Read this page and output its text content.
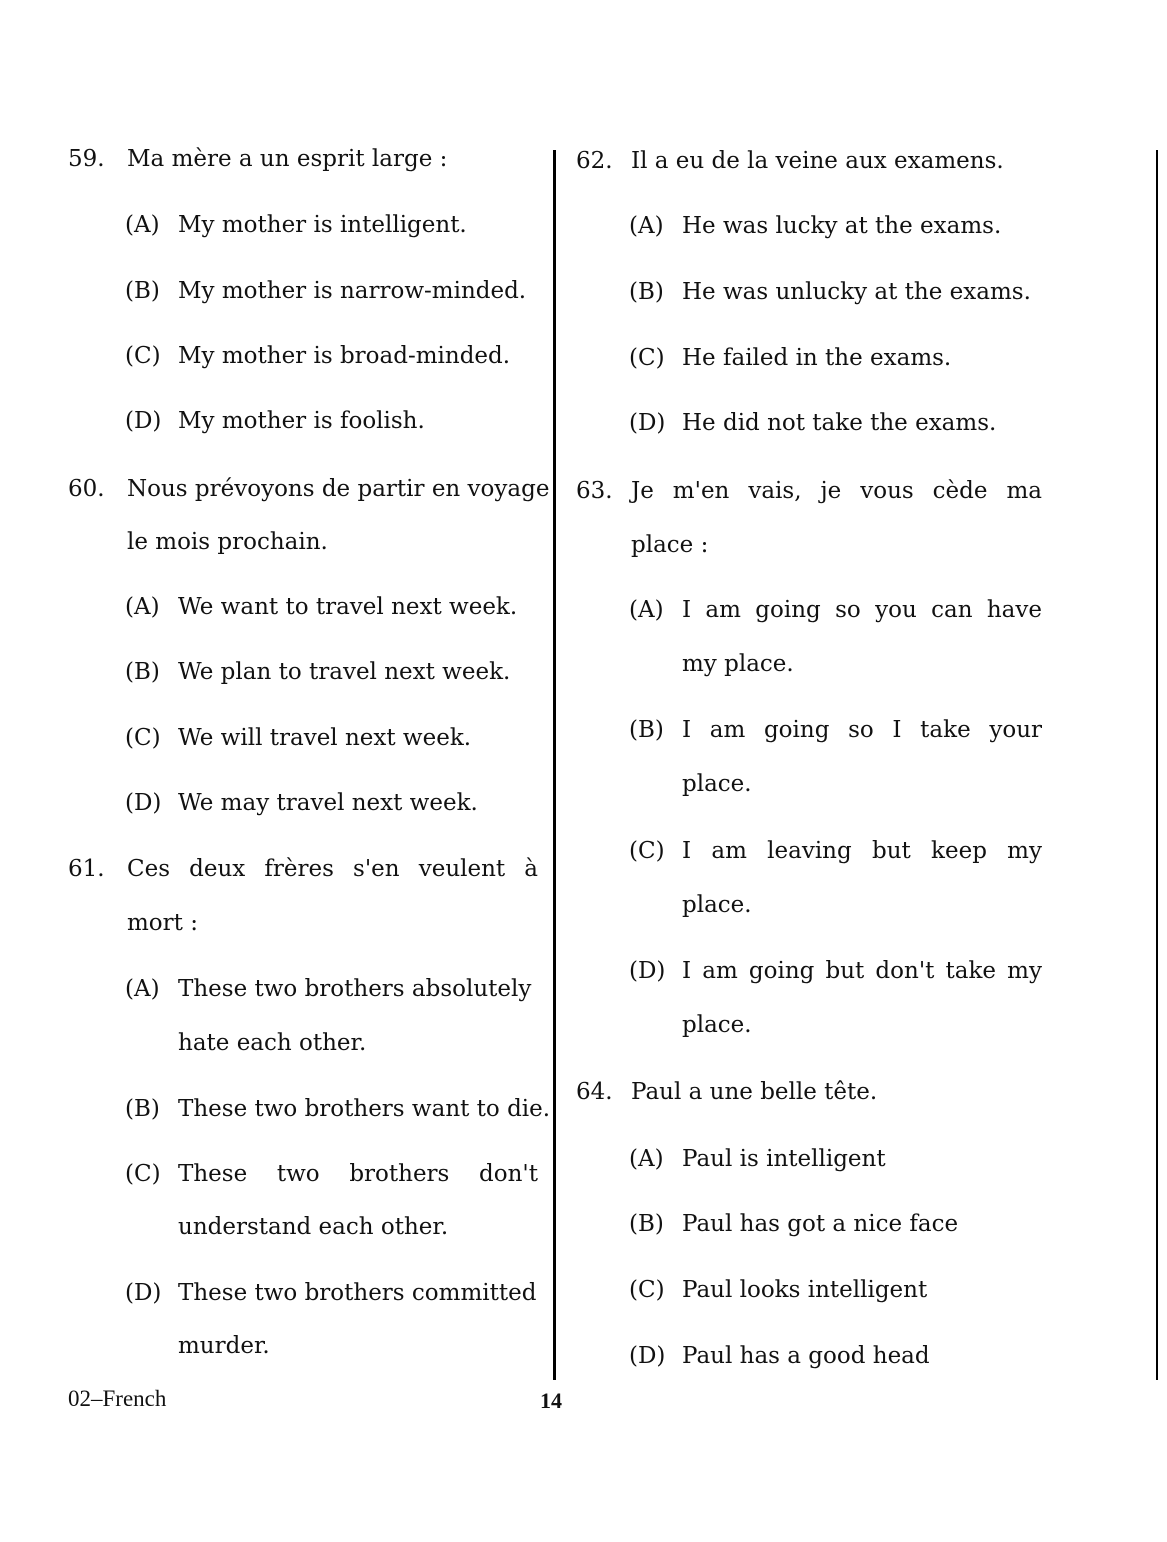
59. Ma mère a un esprit large :
(A) My mother is intelligent.
(B) My mother is narrow-minded.
(C) My mother is broad-minded.
(D) My mother is foolish.
60. Nous prévoyons de partir en voyage
le mois prochain.
(A) We want to travel next week.
(B) We plan to travel next week.
(C) We will travel next week.
(D) We may travel next week.
61. Ces deux frères s'en veulent à
mort :
(A) These two brothers absolutely
hate each other.
(B) These two brothers want to die.
(C) These two brothers don't
understand each other.
(D) These two brothers committed
murder.
62. Il a eu de la veine aux examens.
(A) He was lucky at the exams.
(B) He was unlucky at the exams.
(C) He failed in the exams.
(D) He did not take the exams.
63. Je m'en vais, je vous cède ma
place :
(A) I am going so you can have
my place.
(B) I am going so I take your
place.
(C) I am leaving but keep my
place.
(D) I am going but don't take my
place.
64. Paul a une belle tête.
(A) Paul is intelligent
(B) Paul has got a nice face
(C) Paul looks intelligent
(D) Paul has a good head
02–French	14
